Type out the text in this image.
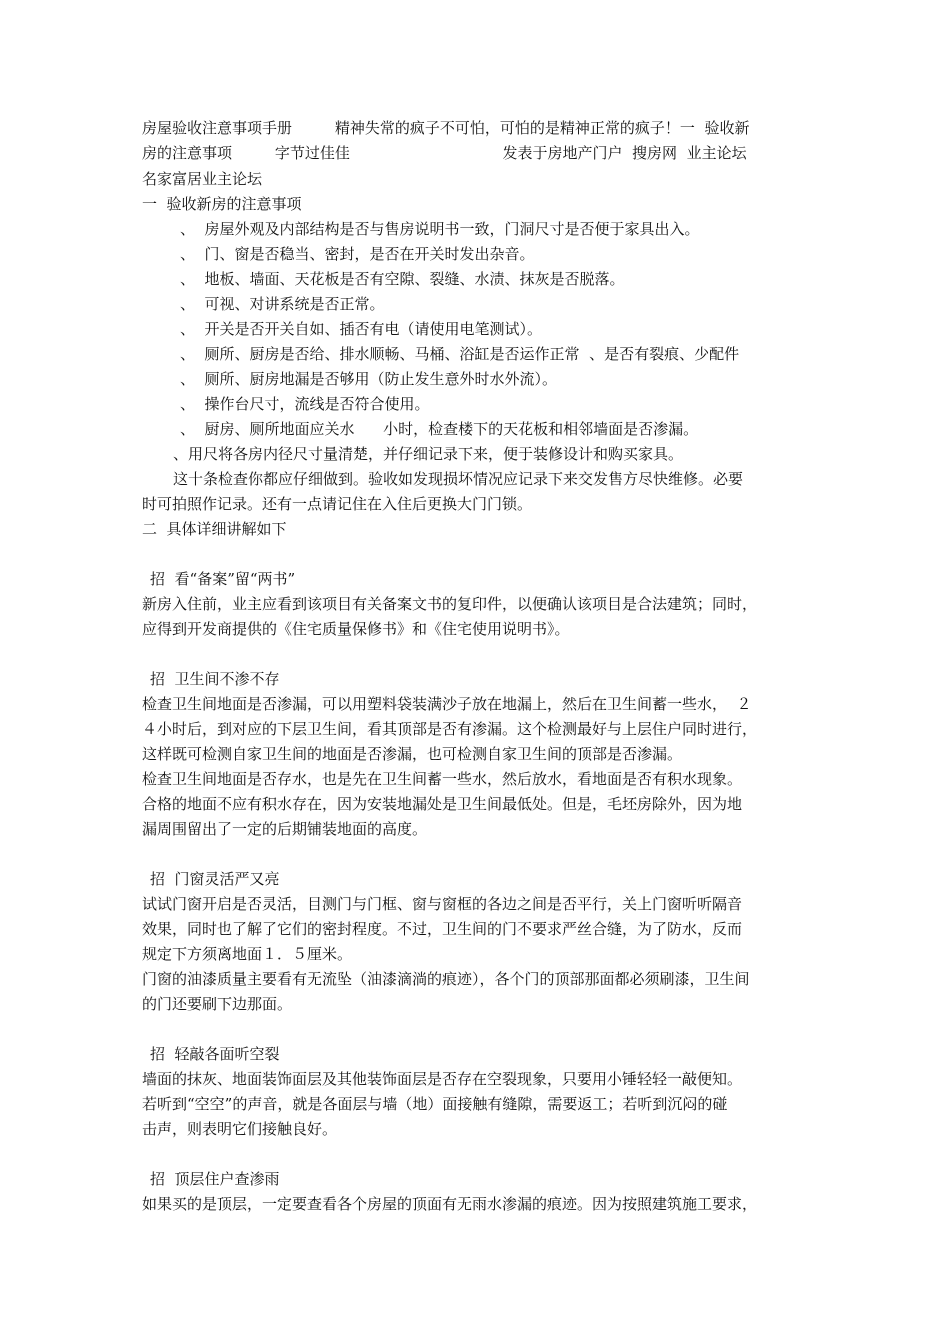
房屋验收注意事项手册         精神失常的疯子不可怕，可怕的是精神正常的疯子！一  验收新
房的注意事项         字节过佳佳                                发表于房地产门户  搜房网  业主论坛
名家富居业主论坛
一  验收新房的注意事项
、  房屋外观及内部结构是否与售房说明书一致，门洞尺寸是否便于家具出入。
、  门、窗是否稳当、密封，是否在开关时发出杂音。
、  地板、墙面、天花板是否有空隙、裂缝、水渍、抹灰是否脱落。
、  可视、对讲系统是否正常。
、  开关是否开关自如、插否有电（请使用电笔测试）。
、  厕所、厨房是否给、排水顺畅、马桶、浴缸是否运作正常  、是否有裂痕、少配件
、  厕所、厨房地漏是否够用（防止发生意外时水外流）。
、  操作台尺寸，流线是否符合使用。
、  厨房、厕所地面应关水      小时，检查楼下的天花板和相邻墙面是否渗漏。
、用尺将各房内径尺寸量清楚，并仔细记录下来，便于装修设计和购买家具。
这十条检查你都应仔细做到。验收如发现损坏情况应记录下来交发售方尽快维修。必要
时可拍照作记录。还有一点请记住在入住后更换大门门锁。
二  具体详细讲解如下
招  看“备案”留“两书”
新房入住前，业主应看到该项目有关备案文书的复印件，以便确认该项目是合法建筑；同时，
应得到开发商提供的《住宅质量保修书》和《住宅使用说明书》。
招  卫生间不渗不存
检查卫生间地面是否渗漏，可以用塑料袋装满沙子放在地漏上，然后在卫生间蓄一些水，  ２
４小时后，到对应的下层卫生间，看其顶部是否有渗漏。这个检测最好与上层住户同时进行，
这样既可检测自家卫生间的地面是否渗漏，也可检测自家卫生间的顶部是否渗漏。
检查卫生间地面是否存水，也是先在卫生间蓄一些水，然后放水，看地面是否有积水现象。
合格的地面不应有积水存在，因为安装地漏处是卫生间最低处。但是，毛坯房除外，因为地
漏周围留出了一定的后期铺装地面的高度。
招  门窗灵活严又亮
试试门窗开启是否灵活，目测门与门框、窗与窗框的各边之间是否平行，关上门窗听听隔音
效果，同时也了解了它们的密封程度。不过，卫生间的门不要求严丝合缝，为了防水，反而
规定下方须离地面１．５厘米。
门窗的油漆质量主要看有无流坠（油漆滴淌的痕迹），各个门的顶部那面都必须刷漆，卫生间
的门还要刷下边那面。
招  轻敲各面听空裂
墙面的抹灰、地面装饰面层及其他装饰面层是否存在空裂现象，只要用小锤轻轻一敲便知。
若听到“空空”的声音，就是各面层与墙（地）面接触有缝隙，需要返工；若听到沉闷的碰
击声，则表明它们接触良好。
招  顶层住户查渗雨
如果买的是顶层，一定要查看各个房屋的顶面有无雨水渗漏的痕迹。因为按照建筑施工要求，
